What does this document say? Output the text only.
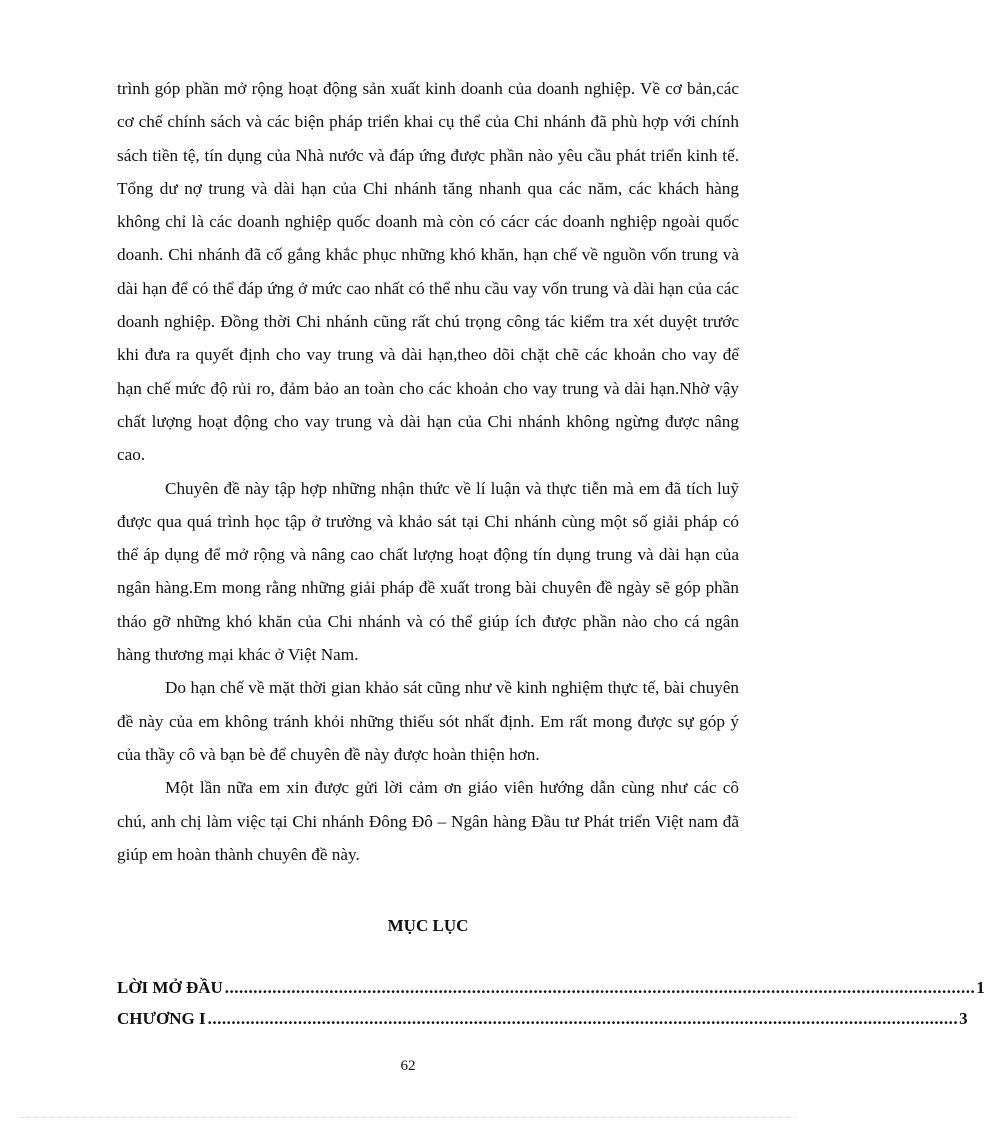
trình góp phần mở rộng hoạt động sản xuất kinh doanh của doanh nghiệp. Về cơ bản,các cơ chế chính sách và các biện pháp triển khai cụ thể của Chi nhánh đã phù hợp với chính sách tiền tệ, tín dụng của Nhà nước và đáp ứng được phần nào yêu cầu phát triển kinh tế. Tổng dư nợ trung và dài hạn của Chi nhánh tăng nhanh qua các năm, các khách hàng không chỉ là các doanh nghiệp quốc doanh mà còn có cácr các doanh nghiệp ngoài quốc doanh. Chi nhánh đã cố gắng khắc phục những khó khăn, hạn chế về nguồn vốn trung và dài hạn để có thể đáp ứng ở mức cao nhất có thể nhu cầu vay vốn trung và dài hạn của các doanh nghiệp. Đồng thời Chi nhánh cũng rất chú trọng công tác kiểm tra xét duyệt trước khi đưa ra quyết định cho vay trung và dài hạn,theo dõi chặt chẽ các khoản cho vay để hạn chế mức độ rủi ro, đảm bảo an toàn cho các khoản cho vay trung và dài hạn.Nhờ vậy chất lượng hoạt động cho vay trung và dài hạn của Chi nhánh không ngừng được nâng cao.

Chuyên đề này tập hợp những nhận thức về lí luận và thực tiễn mà em đã tích luỹ được qua quá trình học tập ở trường và khảo sát tại Chi nhánh cùng một số giải pháp có thể áp dụng để mở rộng và nâng cao chất lượng hoạt động tín dụng trung và dài hạn của ngân hàng.Em mong rằng những giải pháp đề xuất trong bài chuyên đề ngày sẽ góp phần tháo gỡ những khó khăn của Chi nhánh và có thể giúp ích được phần nào cho cá ngân hàng thương mại khác ở Việt Nam.

Do hạn chế về mặt thời gian khảo sát cũng như về kinh nghiệm thực tế, bài chuyên đề này của em không tránh khỏi những thiếu sót nhất định. Em rất mong được sự góp ý của thầy cô và bạn bè để chuyên đề này được hoàn thiện hơn.

Một lần nữa em xin được gửi lời cảm ơn giáo viên hướng dẫn cùng như các cô chú, anh chị làm việc tại Chi nhánh Đông Đô – Ngân hàng Đầu tư Phát triển Việt nam đã giúp em hoàn thành chuyên đề này.

MỤC LỤC
LỜI MỞ ĐẦU .............................................................................................................................................................. 1
CHƯƠNG I .............................................................................................................................................................. 3
62
